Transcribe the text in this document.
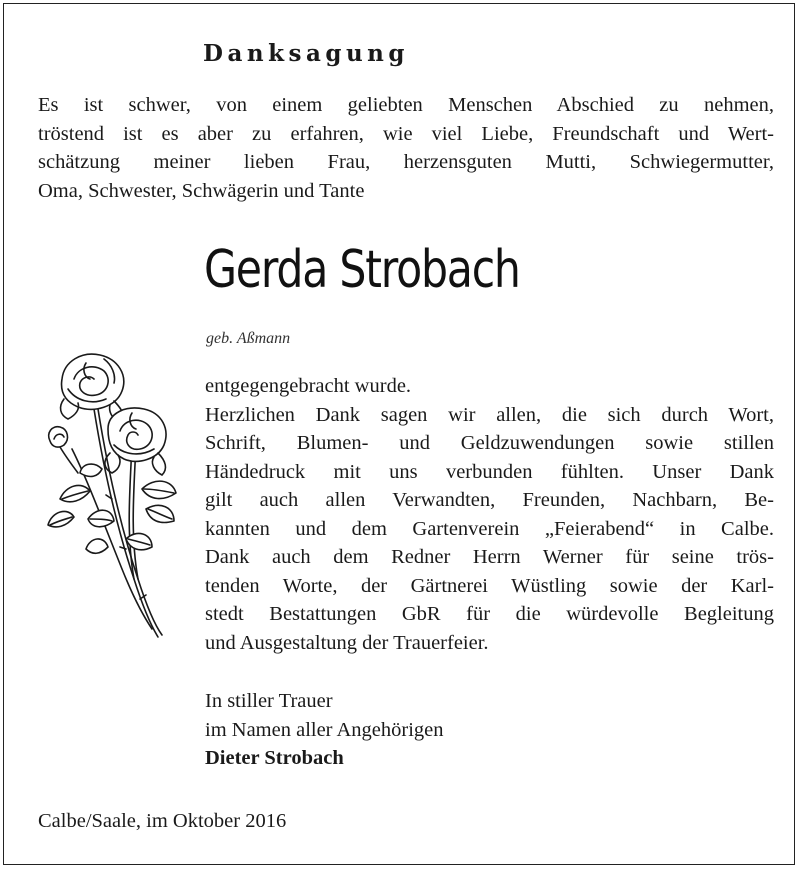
Danksagung
Es ist schwer, von einem geliebten Menschen Abschied zu nehmen,
tröstend ist es aber zu erfahren, wie viel Liebe, Freundschaft und Wert-
schätzung meiner lieben Frau, herzensguten Mutti, Schwiegermutter,
Oma, Schwester, Schwägerin und Tante
Gerda Strobach
geb. Aßmann
entgegengebracht wurde.
Herzlichen Dank sagen wir allen, die sich durch Wort,
Schrift, Blumen- und Geldzuwendungen sowie stillen
Händedruck mit uns verbunden fühlten. Unser Dank
gilt auch allen Verwandten, Freunden, Nachbarn, Be-
kannten und dem Gartenverein „Feierabend“ in Calbe.
Dank auch dem Redner Herrn Werner für seine trös-
tenden Worte, der Gärtnerei Wüstling sowie der Karl-
stedt Bestattungen GbR für die würdevolle Begleitung
und Ausgestaltung der Trauerfeier.
In stiller Trauer
im Namen aller Angehörigen
Dieter Strobach
Calbe/Saale, im Oktober 2016
